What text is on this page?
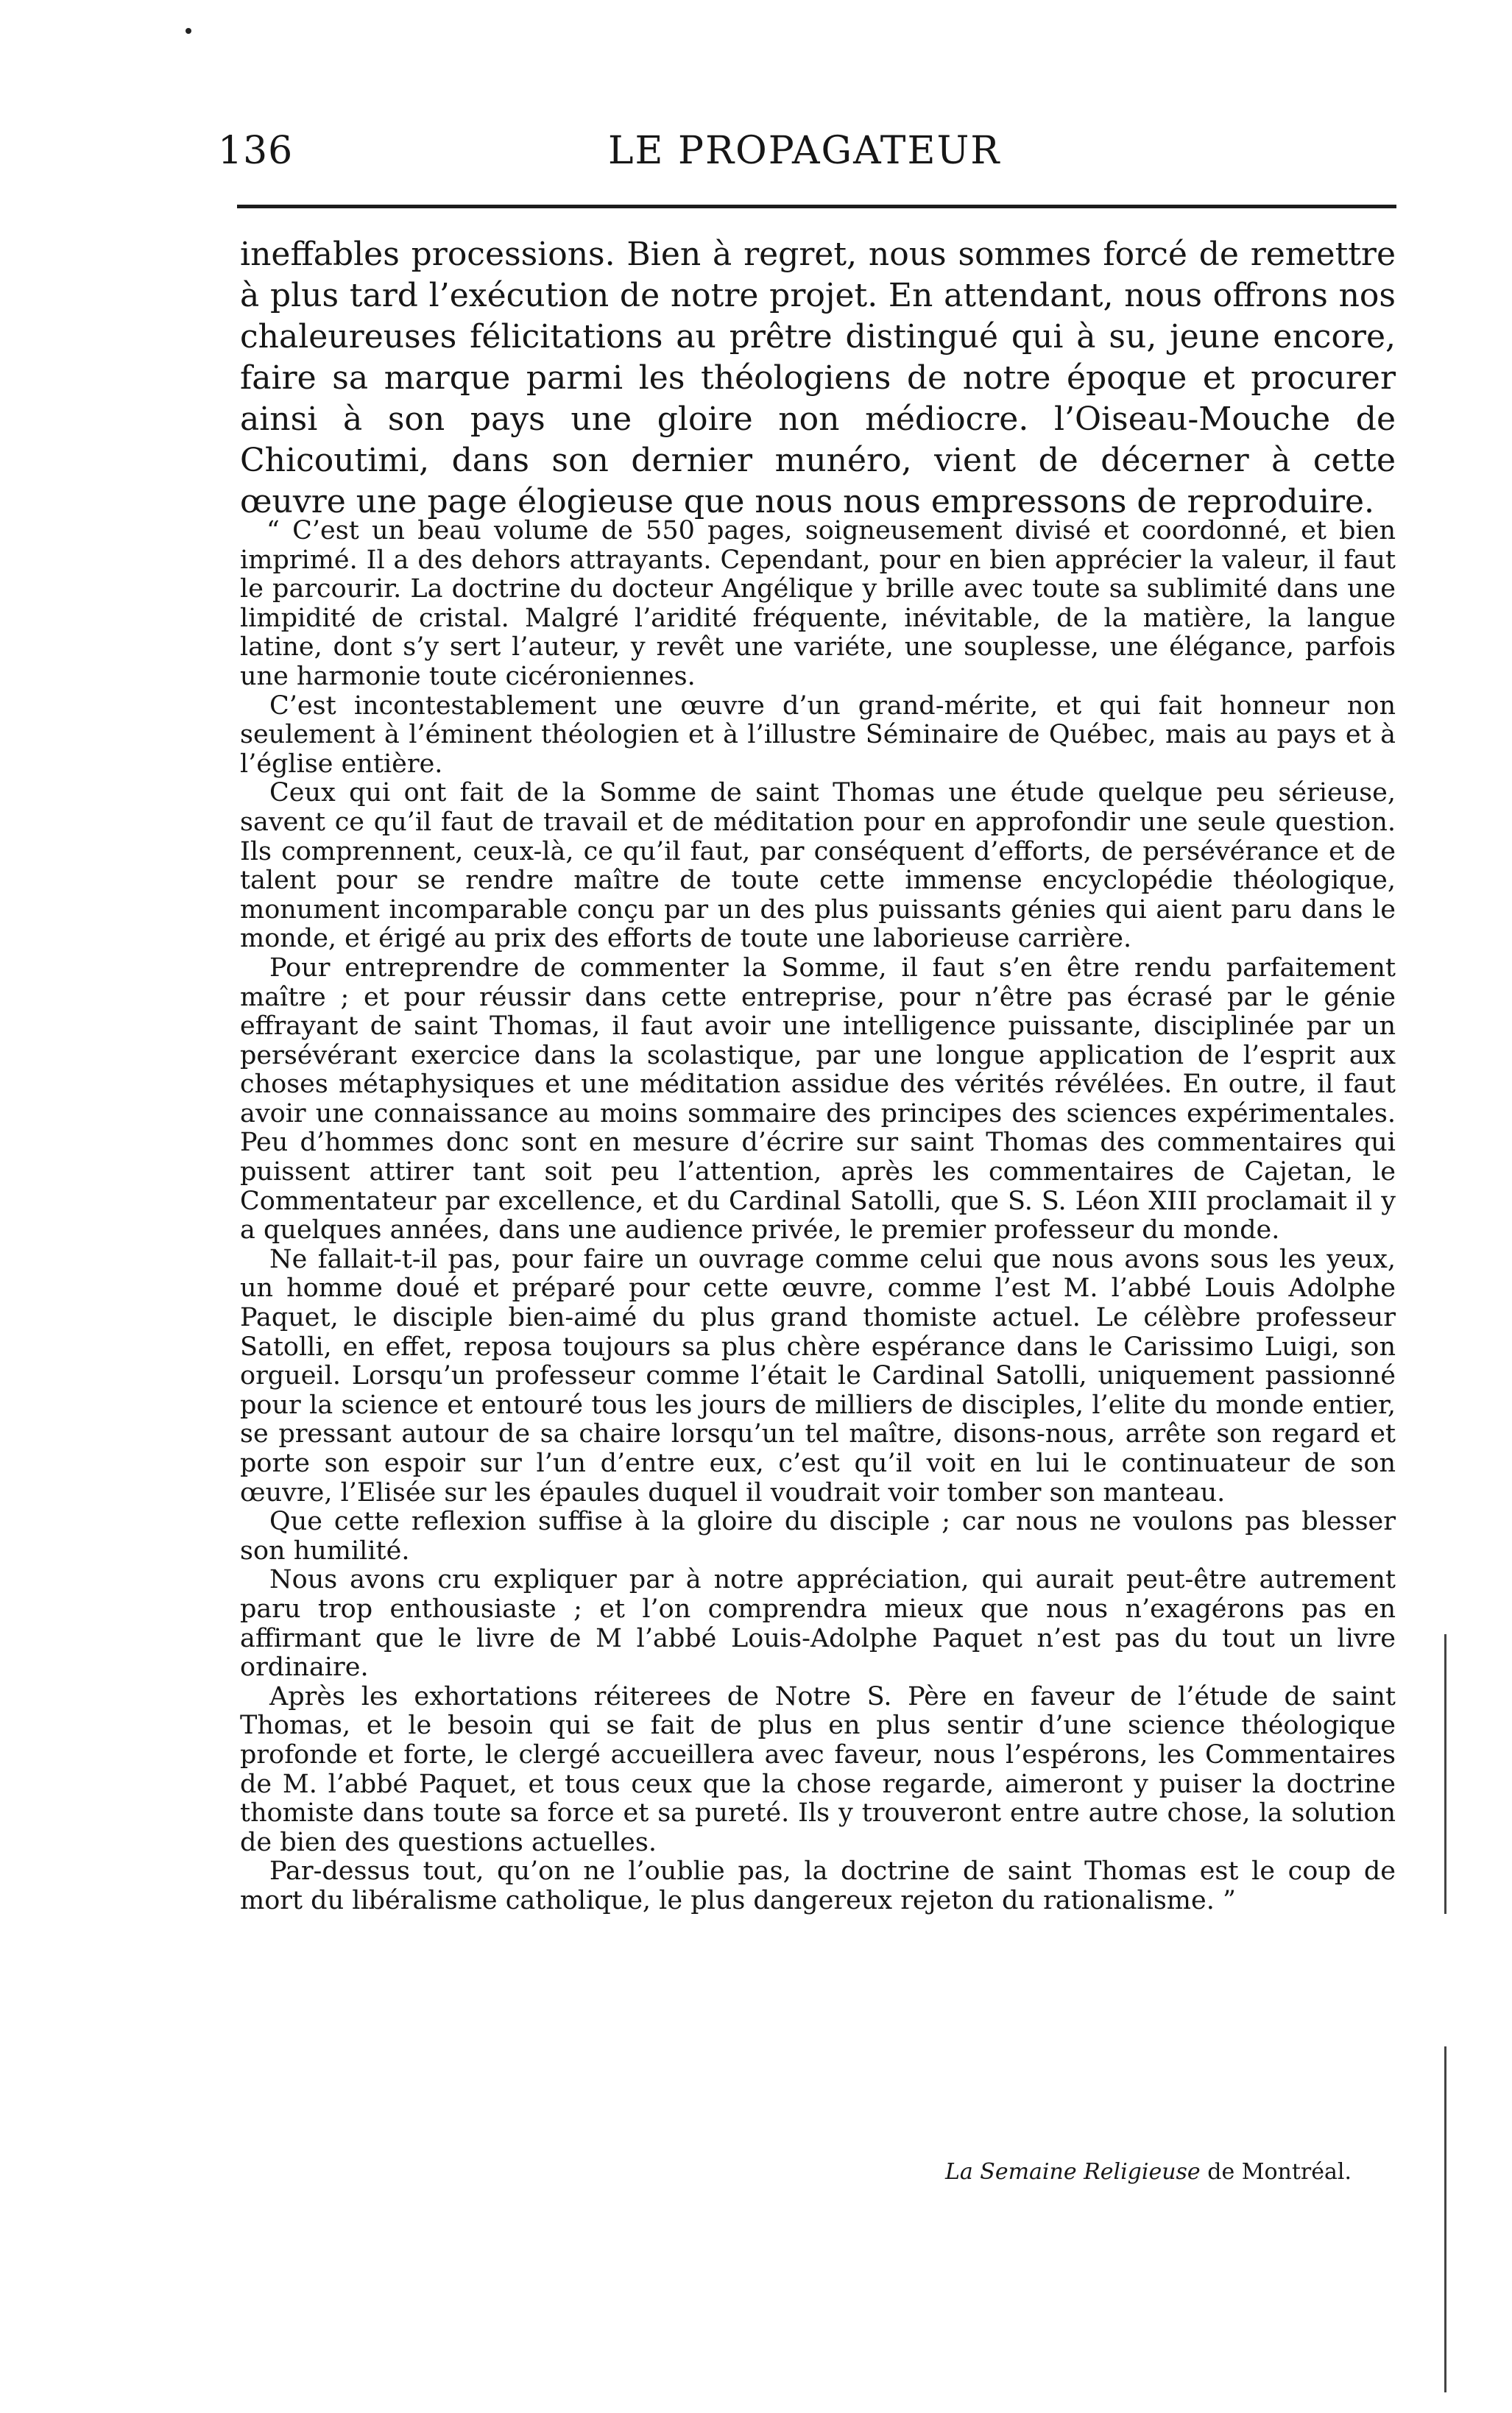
136	LE PROPAGATEUR

ineffables processions. Bien à regret, nous sommes forcé de remettre à plus tard l’exécution de notre projet. En attendant, nous offrons nos chaleureuses félicitations au prêtre distingué qui à su, jeune encore, faire sa marque parmi les théologiens de notre époque et procurer ainsi à son pays une gloire non médiocre. l’Oiseau-Mouche de Chicoutimi, dans son dernier munéro, vient de décerner à cette œuvre une page élogieuse que nous nous empressons de reproduire.

“ C’est un beau volume de 550 pages, soigneusement divisé et coordonné, et bien imprimé. Il a des dehors attrayants. Cependant, pour en bien apprécier la valeur, il faut le parcourir. La doctrine du docteur Angélique y brille avec toute sa sublimité dans une limpidité de cristal. Malgré l’aridité fréquente, inévitable, de la matière, la langue latine, dont s’y sert l’auteur, y revêt une variéte, une souplesse, une élégance, parfois une harmonie toute cicéroniennes.

C’est incontestablement une œuvre d’un grand-mérite, et qui fait honneur non seulement à l’éminent théologien et à l’illustre Séminaire de Québec, mais au pays et à l’église entière.

Ceux qui ont fait de la Somme de saint Thomas une étude quelque peu sérieuse, savent ce qu’il faut de travail et de méditation pour en approfondir une seule question. Ils comprennent, ceux-là, ce qu’il faut, par conséquent d’efforts, de persévérance et de talent pour se rendre maître de toute cette immense encyclopédie théologique, monument incomparable conçu par un des plus puissants génies qui aient paru dans le monde, et érigé au prix des efforts de toute une laborieuse carrière.

Pour entreprendre de commenter la Somme, il faut s’en être rendu parfaitement maître ; et pour réussir dans cette entreprise, pour n’être pas écrasé par le génie effrayant de saint Thomas, il faut avoir une intelligence puissante, disciplinée par un persévérant exercice dans la scolastique, par une longue application de l’esprit aux choses métaphysiques et une méditation assidue des vérités révélées. En outre, il faut avoir une connaissance au moins sommaire des principes des sciences expérimentales. Peu d’hommes donc sont en mesure d’écrire sur saint Thomas des commentaires qui puissent attirer tant soit peu l’attention, après les commentaires de Cajetan, le Commentateur par excellence, et du Cardinal Satolli, que S. S. Léon XIII proclamait il y a quelques années, dans une audience privée, le premier professeur du monde.

Ne fallait-t-il pas, pour faire un ouvrage comme celui que nous avons sous les yeux, un homme doué et préparé pour cette œuvre, comme l’est M. l’abbé Louis Adolphe Paquet, le disciple bien-aimé du plus grand thomiste actuel. Le célèbre professeur Satolli, en effet, reposa toujours sa plus chère espérance dans le Carissimo Luigi, son orgueil. Lorsqu’un professeur comme l’était le Cardinal Satolli, uniquement passionné pour la science et entouré tous les jours de milliers de disciples, l’elite du monde entier, se pressant autour de sa chaire lorsqu’un tel maître, disons-nous, arrête son regard et porte son espoir sur l’un d’entre eux, c’est qu’il voit en lui le continuateur de son œuvre, l’Elisée sur les épaules duquel il voudrait voir tomber son manteau.

Que cette reflexion suffise à la gloire du disciple ; car nous ne voulons pas blesser son humilité.

Nous avons cru expliquer par à notre appréciation, qui aurait peut-être autrement paru trop enthousiaste ; et l’on comprendra mieux que nous n’exagérons pas en affirmant que le livre de M l’abbé Louis-Adolphe Paquet n’est pas du tout un livre ordinaire.

Après les exhortations réiterees de Notre S. Père en faveur de l’étude de saint Thomas, et le besoin qui se fait de plus en plus sentir d’une science théologique profonde et forte, le clergé accueillera avec faveur, nous l’espérons, les Commentaires de M. l’abbé Paquet, et tous ceux que la chose regarde, aimeront y puiser la doctrine thomiste dans toute sa force et sa pureté. Ils y trouveront entre autre chose, la solution de bien des questions actuelles.

Par-dessus tout, qu’on ne l’oublie pas, la doctrine de saint Thomas est le coup de mort du libéralisme catholique, le plus dangereux rejeton du rationalisme. ”

La Semaine Religieuse de Montréal.
